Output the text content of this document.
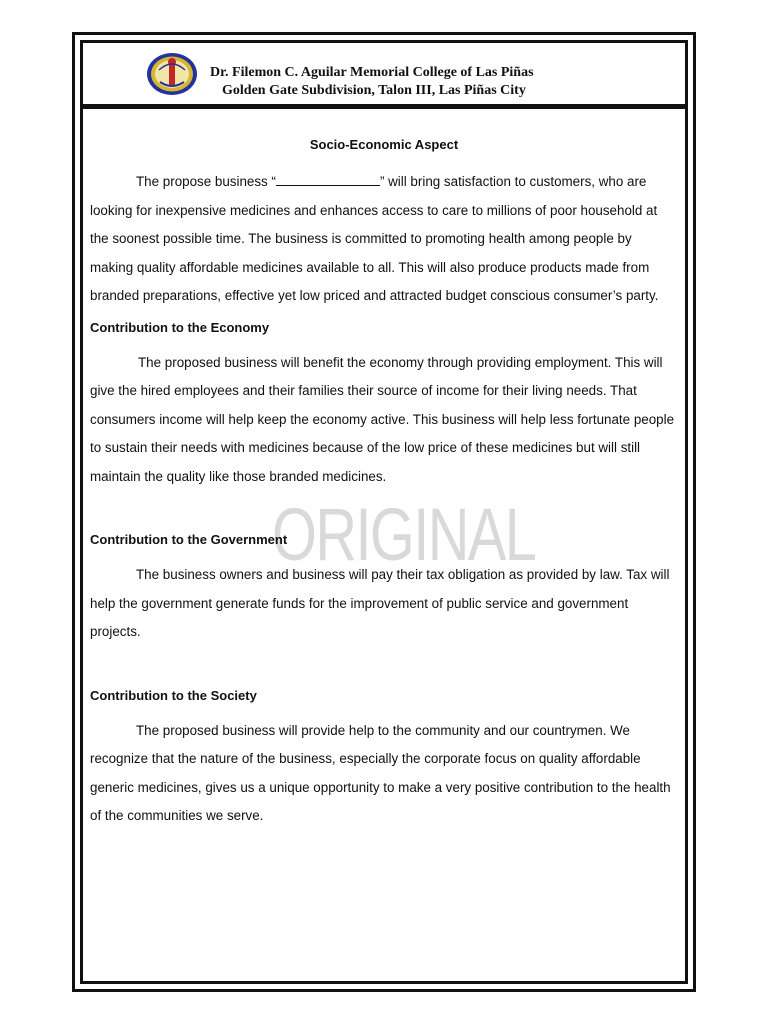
Dr. Filemon C. Aguilar Memorial College of Las Piñas
Golden Gate Subdivision, Talon III, Las Piñas City
ORIGINAL
Socio-Economic Aspect

The propose business “	” will bring satisfaction to customers, who are looking for inexpensive medicines and enhances access to care to millions of poor household at the soonest possible time. The business is committed to promoting health among people by making quality affordable medicines available to all. This will also produce products made from branded preparations, effective yet low priced and attracted budget conscious consumer’s party.

Contribution to the Economy

The proposed business will benefit the economy through providing employment. This will give the hired employees and their families their source of income for their living needs. That consumers income will help keep the economy active. This business will help less fortunate people to sustain their needs with medicines because of the low price of these medicines but will still maintain the quality like those branded medicines.

Contribution to the Government

The business owners and business will pay their tax obligation as provided by law. Tax will help the government generate funds for the improvement of public service and government projects.

Contribution to the Society

The proposed business will provide help to the community and our countrymen. We recognize that the nature of the business, especially the corporate focus on quality affordable generic medicines, gives us a unique opportunity to make a very positive contribution to the health of the communities we serve.
